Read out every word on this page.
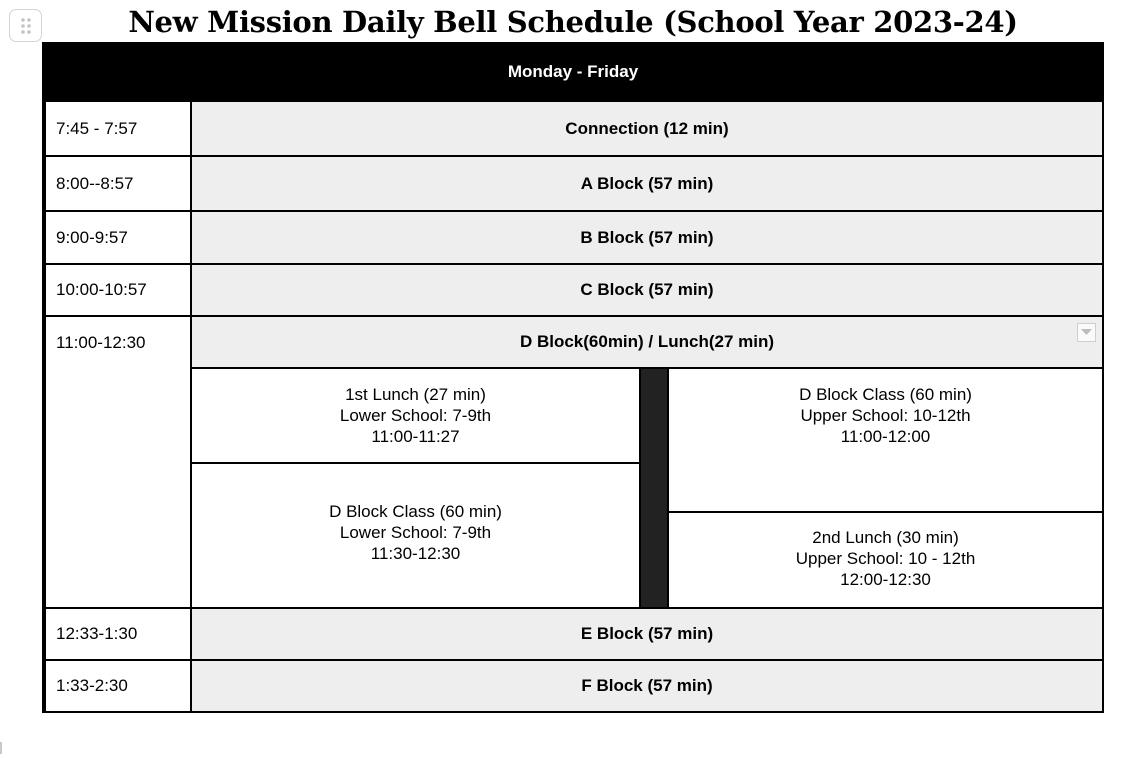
New Mission Daily Bell Schedule (School Year 2023-24)
Monday - Friday
7:45 - 7:57	Connection (12 min)
8:00--8:57	A Block (57 min)
9:00-9:57	B Block (57 min)
10:00-10:57	C Block (57 min)
11:00-12:30	D Block(60min) / Lunch(27 min)
1st Lunch (27 min)
Lower School: 7-9th
11:00-11:27
D Block Class (60 min)
Lower School: 7-9th
11:30-12:30
D Block Class (60 min)
Upper School: 10-12th
11:00-12:00
2nd Lunch (30 min)
Upper School: 10 - 12th
12:00-12:30
12:33-1:30	E Block (57 min)
1:33-2:30	F Block (57 min)
